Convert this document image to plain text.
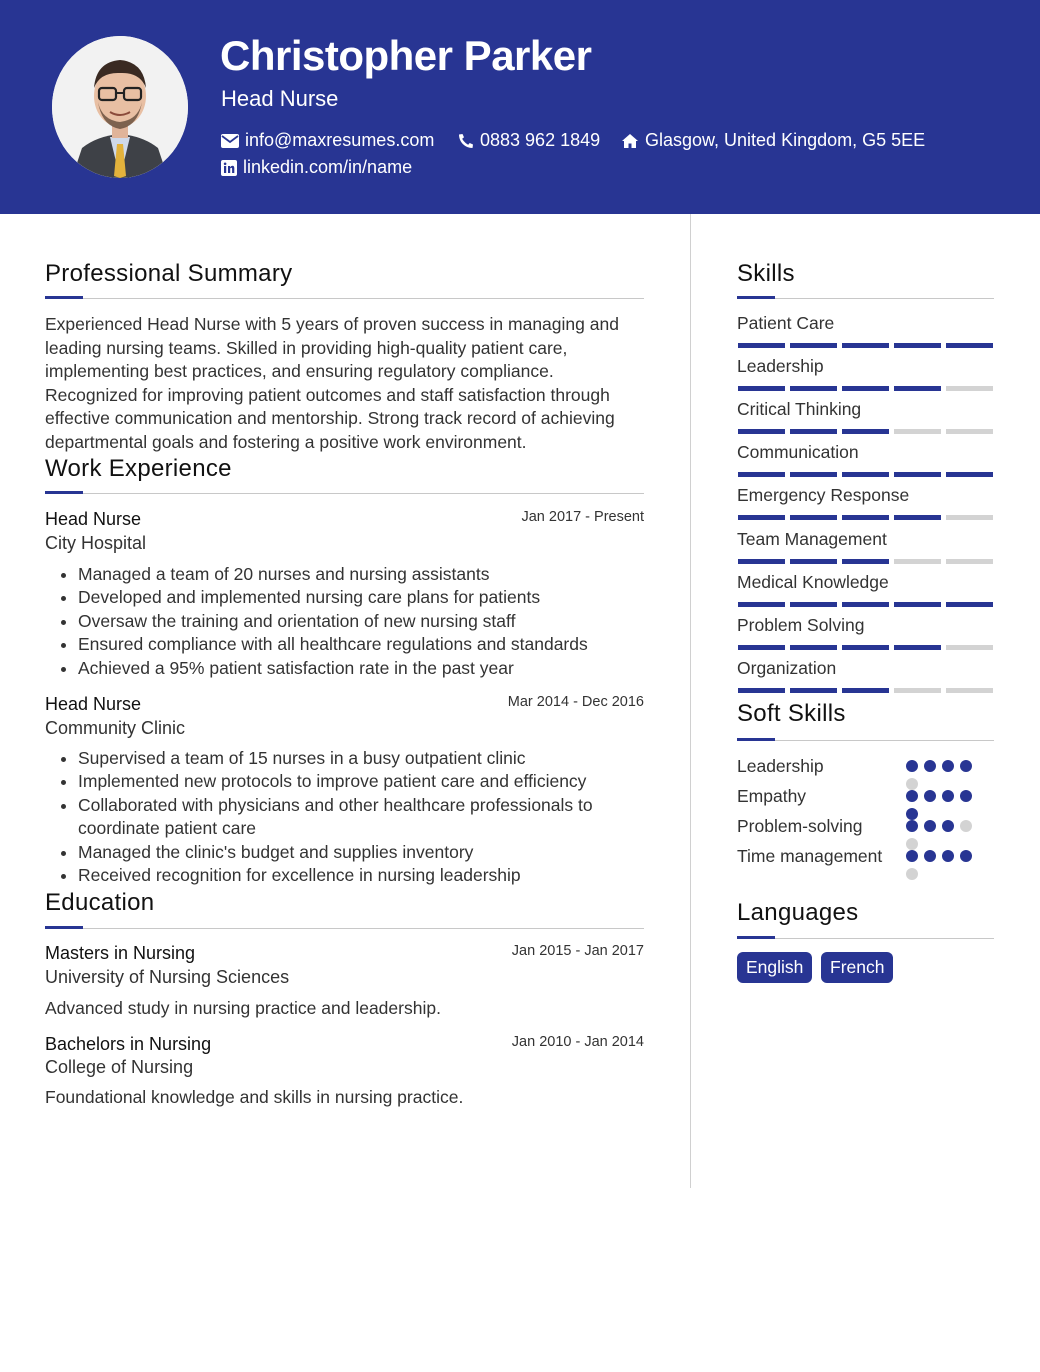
Christopher Parker
Head Nurse
info@maxresumes.com	0883 962 1849 Glasgow, United Kingdom, G5 5EE
linkedin.com/in/name
Professional Summary
Experienced Head Nurse with 5 years of proven success in managing and leading nursing teams. Skilled in providing high-quality patient care, implementing best practices, and ensuring regulatory compliance. Recognized for improving patient outcomes and staff satisfaction through effective communication and mentorship. Strong track record of achieving departmental goals and fostering a positive work environment.
Work Experience
Head Nurse	Jan 2017 - Present
City Hospital
• Managed a team of 20 nurses and nursing assistants
• Developed and implemented nursing care plans for patients
• Oversaw the training and orientation of new nursing staff
• Ensured compliance with all healthcare regulations and standards
• Achieved a 95% patient satisfaction rate in the past year
Head Nurse	Mar 2014 - Dec 2016
Community Clinic
• Supervised a team of 15 nurses in a busy outpatient clinic
• Implemented new protocols to improve patient care and efficiency
• Collaborated with physicians and other healthcare professionals to coordinate patient care
• Managed the clinic's budget and supplies inventory
• Received recognition for excellence in nursing leadership
Education
Masters in Nursing	Jan 2015 - Jan 2017
University of Nursing Sciences
Advanced study in nursing practice and leadership.
Bachelors in Nursing	Jan 2010 - Jan 2014
College of Nursing
Foundational knowledge and skills in nursing practice.
Skills
Patient Care
Leadership
Critical Thinking
Communication
Emergency Response
Team Management
Medical Knowledge
Problem Solving
Organization
Soft Skills
Leadership
Empathy
Problem-solving
Time management
Languages
English	French
